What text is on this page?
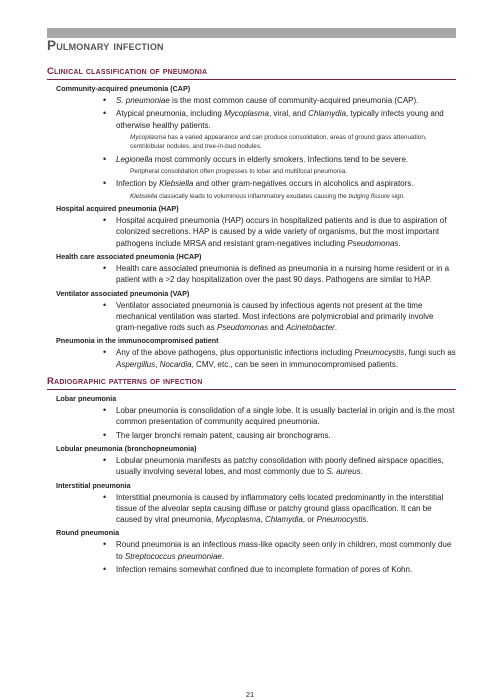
Pulmonary infection
Clinical classification of pneumonia
Community-acquired pneumonia (CAP)
• S. pneumoniae is the most common cause of community-acquired pneumonia (CAP).
• Atypical pneumonia, including Mycoplasma, viral, and Chlamydia, typically infects young and otherwise healthy patients.
Mycoplasma has a varied appearance and can produce consolidation, areas of ground glass attenuation, centrilobular nodules, and tree-in-bud nodules.
• Legionella most commonly occurs in elderly smokers. Infections tend to be severe.
Peripheral consolidation often progresses to lobar and multifocal pneumonia.
• Infection by Klebsiella and other gram-negatives occurs in alcoholics and aspirators.
Klebsiella classically leads to voluminous inflammatory exudates causing the bulging fissure sign.
Hospital acquired pneumonia (HAP)
• Hospital acquired pneumonia (HAP) occurs in hospitalized patients and is due to aspiration of colonized secretions. HAP is caused by a wide variety of organisms, but the most important pathogens include MRSA and resistant gram-negatives including Pseudomonas.
Health care associated pneumonia (HCAP)
• Health care associated pneumonia is defined as pneumonia in a nursing home resident or in a patient with a >2 day hospitalization over the past 90 days. Pathogens are similar to HAP.
Ventilator associated pneumonia (VAP)
• Ventilator associated pneumonia is caused by infectious agents not present at the time mechanical ventilation was started. Most infections are polymicrobial and primarily involve gram-negative rods such as Pseudomonas and Acinetobacter.
Pneumonia in the immunocompromised patient
• Any of the above pathogens, plus opportunistic infections including Pneumocystis, fungi such as Aspergillus, Nocardia, CMV, etc., can be seen in immunocompromised patients.
Radiographic patterns of infection
Lobar pneumonia
• Lobar pneumonia is consolidation of a single lobe. It is usually bacterial in origin and is the most common presentation of community acquired pneumonia.
• The larger bronchi remain patent, causing air bronchograms.
Lobular pneumonia (bronchopneumonia)
• Lobular pneumonia manifests as patchy consolidation with poorly defined airspace opacities, usually involving several lobes, and most commonly due to S. aureus.
Interstitial pneumonia
• Interstitial pneumonia is caused by inflammatory cells located predominantly in the interstitial tissue of the alveolar septa causing diffuse or patchy ground glass opacification. It can be caused by viral pneumonia, Mycoplasma, Chlamydia, or Pneumocystis.
Round pneumonia
• Round pneumonia is an infectious mass-like opacity seen only in children, most commonly due to Streptococcus pneumoniae.
• Infection remains somewhat confined due to incomplete formation of pores of Kohn.
21
